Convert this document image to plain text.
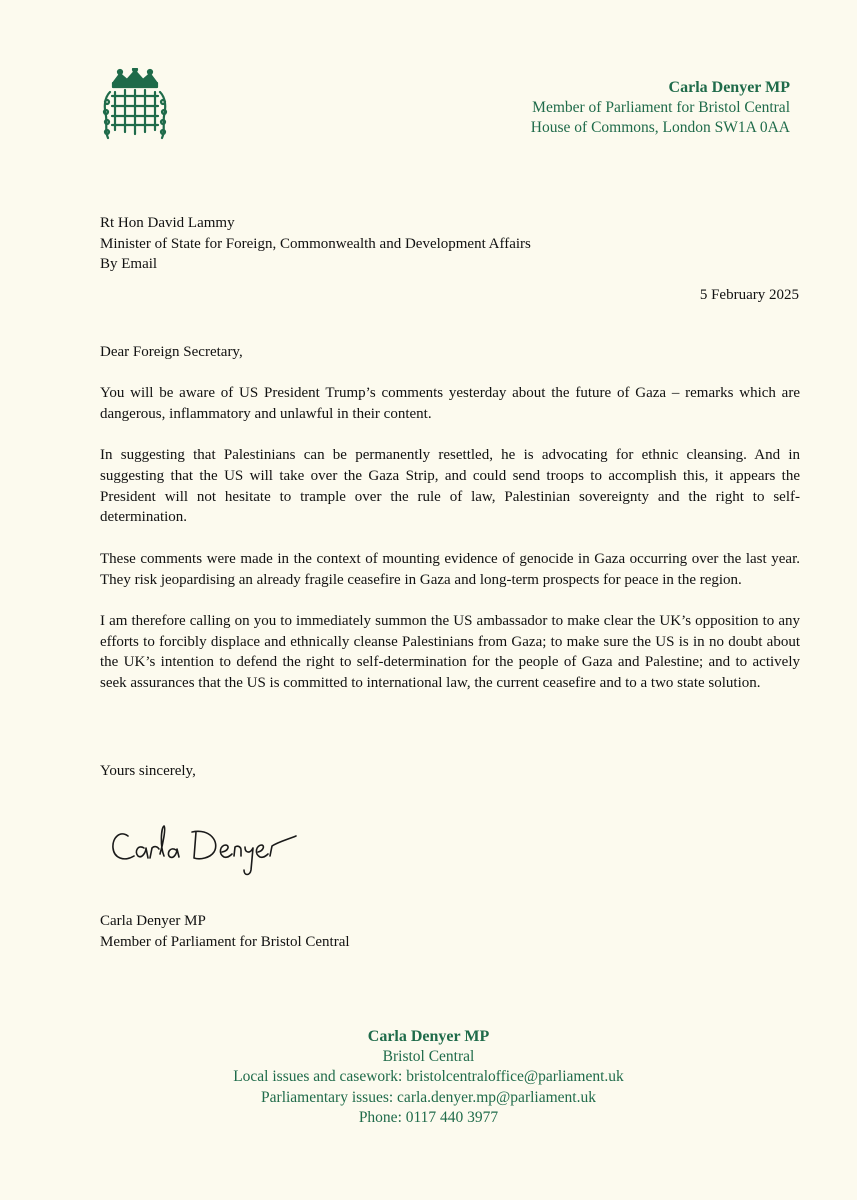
Carla Denyer MP
Member of Parliament for Bristol Central
House of Commons, London SW1A 0AA
Rt Hon David Lammy
Minister of State for Foreign, Commonwealth and Development Affairs
By Email
5 February 2025
Dear Foreign Secretary,

You will be aware of US President Trump’s comments yesterday about the future of Gaza – remarks which are dangerous, inflammatory and unlawful in their content.

In suggesting that Palestinians can be permanently resettled, he is advocating for ethnic cleansing. And in suggesting that the US will take over the Gaza Strip, and could send troops to accomplish this, it appears the President will not hesitate to trample over the rule of law, Palestinian sovereignty and the right to self-determination.

These comments were made in the context of mounting evidence of genocide in Gaza occurring over the last year. They risk jeopardising an already fragile ceasefire in Gaza and long-term prospects for peace in the region.

I am therefore calling on you to immediately summon the US ambassador to make clear the UK’s opposition to any efforts to forcibly displace and ethnically cleanse Palestinians from Gaza; to make sure the US is in no doubt about the UK’s intention to defend the right to self-determination for the people of Gaza and Palestine; and to actively seek assurances that the US is committed to international law, the current ceasefire and to a two state solution.

Yours sincerely,
Carla Denyer MP
Member of Parliament for Bristol Central
Carla Denyer MP
Bristol Central
Local issues and casework: bristolcentraloffice@parliament.uk
Parliamentary issues: carla.denyer.mp@parliament.uk
Phone: 0117 440 3977
